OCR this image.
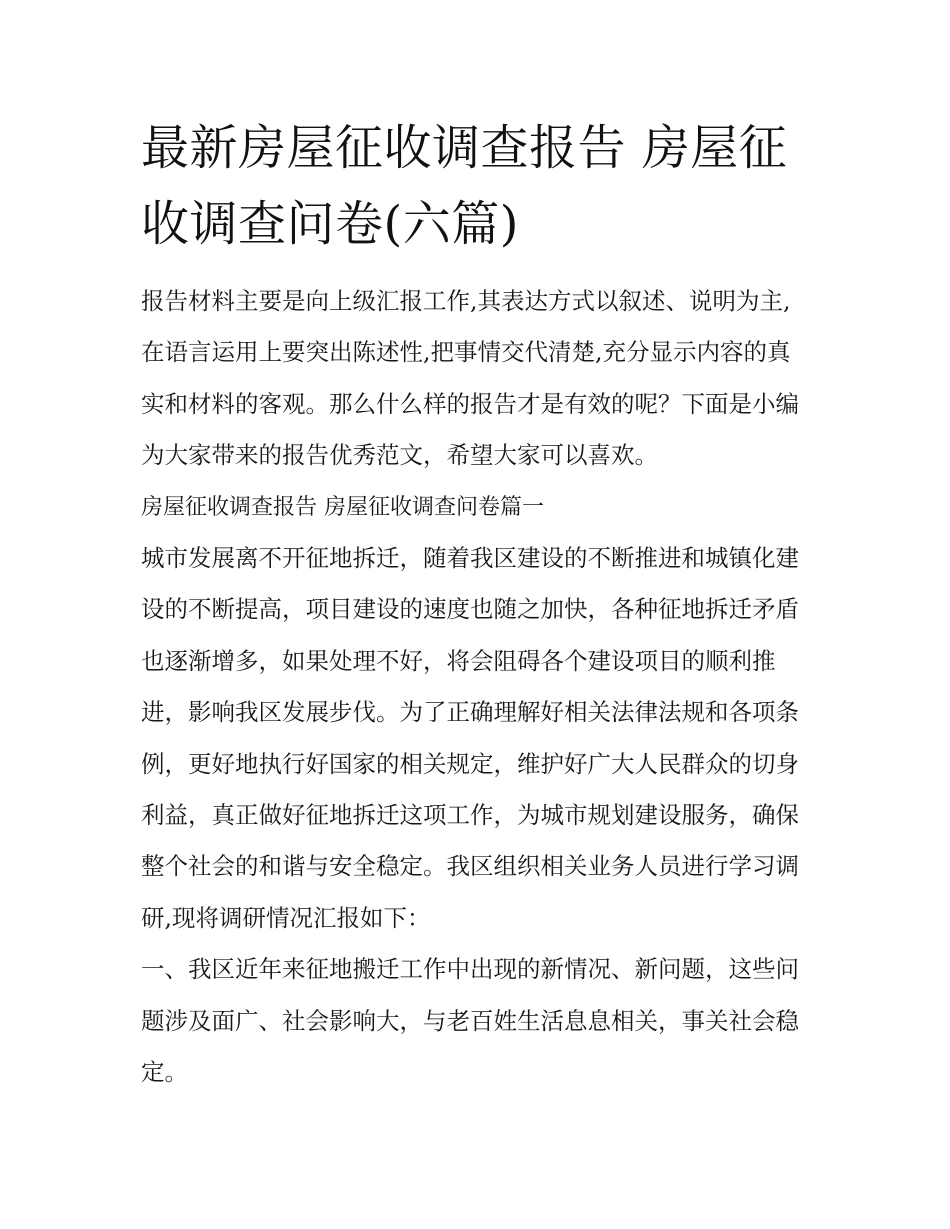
最新房屋征收调查报告 房屋征收调查问卷(六篇)

报告材料主要是向上级汇报工作,其表达方式以叙述、说明为主,在语言运用上要突出陈述性,把事情交代清楚,充分显示内容的真实和材料的客观。那么什么样的报告才是有效的呢？下面是小编为大家带来的报告优秀范文，希望大家可以喜欢。

房屋征收调查报告 房屋征收调查问卷篇一

城市发展离不开征地拆迁，随着我区建设的不断推进和城镇化建设的不断提高，项目建设的速度也随之加快，各种征地拆迁矛盾也逐渐增多，如果处理不好，将会阻碍各个建设项目的顺利推进，影响我区发展步伐。为了正确理解好相关法律法规和各项条例，更好地执行好国家的相关规定，维护好广大人民群众的切身利益，真正做好征地拆迁这项工作，为城市规划建设服务，确保整个社会的和谐与安全稳定。我区组织相关业务人员进行学习调研,现将调研情况汇报如下：

一、我区近年来征地搬迁工作中出现的新情况、新问题，这些问题涉及面广、社会影响大，与老百姓生活息息相关，事关社会稳定。
